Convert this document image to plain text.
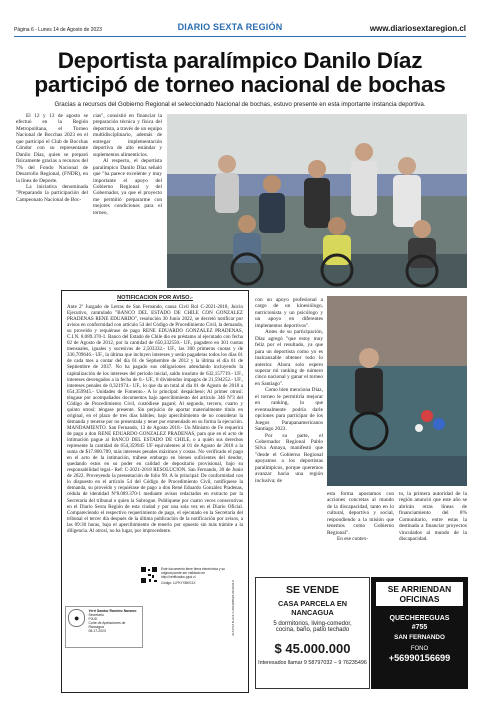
Página 6 - Lunes 14 de Agosto de 2023	DIARIO SEXTA REGIÓN	www.diariosextaregion.cl
Deportista paralímpico Danilo Díaz
participó de torneo nacional de bochas
Gracias a recursos del Gobierno Regional el seleccionado Nacional de bochas, estuvo presente en esta importante instancia deportiva.

El 12 y 13 de agosto se efectuó en la Región Metropolitana, el Torneo Nacional de Bocchas 2023 en el que participó el Club de Bocchas Cóndor con su representante Danilo Díaz, quien se preparó fisicamente gracias a recursos del 7% del Fondo Nacional de Desarrollo Regional, (FNDR), en la línea de Deporte.

La iniciativa denominada "Preparando la participación del Campeonato Nacional de Boc-

cias", consistió en financiar la preparación técnica y física del deportista, a través de un equipo multidisciplinario, además de entregar implementación deportiva de alto estándar y suplementos alimenticios.

Al respecto, el deportista paralímpico Danilo Díaz señaló que "ha parece excelente y muy importante el apoyo del Gobierno Regional y del Gobernador, ya que el proyecto me permitió prepararme con mejores condiciones para el torneo,

NOTIFICACION POR AVISO.-
Ante 2º Juzgado de Letras de San Fernando, causa Civil Rol C-2021-2018, Juicio Ejecutivo, caratulado "BANCO DEL ESTADO DE CHILE CON GONZALEZ PRADENAS RENE EDUARDO", resolución 30 Junio 2022, se decretó notificar por avisos en conformidad con artículo 54 del Código de Procedimiento Civil, la demanda, su proveído y requiérase de pago RENE EDUARDO GONZALEZ PRADENAS, C.I.N. 8.089.370-1. Banco del Estado de Chile dio en préstamo al ejecutado con fecha 02 de Agosto de 2012, por la cantidad de 650,332550.- UF., pagadero en 301 cuotas mensuales, iguales y sucesivas de 2,503332.- UF., las 300 primeras cuotas y de 336,709646.- UF., la última que incluyen intereses y serán pagaderas todos los días 01 de cada mes a contar del día 01 de Septiembre de 2012 y la última el día 01 de Septiembre de 2037. No ha pagado sus obligaciones adeudando incluyendo la capitalización de los intereses del periodo inicial, saldo insoluto de 632,157719.- UF., intereses devengados a la fecha de 0.- UF., 8 dividendos impagos de 21,594252.- UF., intereses penales de 0,321974.- UF., lo que da un total al día 01 de Agosto de 2018 a 654,359945.- Unidades de Fomento.- A lo principal: despáchese; Al primer otrosí: téngase por acompañados documentos bajo apercibimiento del artículo 346 Nº3 del Código de Procedimiento Civil, custódiese pagaré; Al segundo, tercero, cuarto y quinto otrosí: téngase presente. Sin perjuicio de aportar materialmente título en original, en el plazo de tres días hábiles, bajo apercibimiento de no considerar la demanda y tenerse por no presentada y tener por enmendado en su forma la ejecución. MANDAMIENTO. San Fernando, 13 de Agosto 2018.- Un Ministro de Fe requerirá de pago a don RENE EDUARDO GONZALEZ PRADENAS, para que en el acto de intimación pague al BANCO DEL ESTADO DE CHILE, o a quién sus derechos represente la cantidad de 654,359945 UF equivalentes al 01 de Agosto de 2018 a la suma de $17.800.789, más intereses penales máximos y costas. No verificado el pago en el acto de la intimación, trábese embargo en bienes suficientes del deudor, quedando estos en su poder en calidad de depositario provisional, bajo su responsabilidad legal.- Ref: C-2021-2018 RESOLUCION. San Fernando, 30 de Junio de 2022. Proveyendo la presentación de folio 99. A lo principal: De conformidad con lo dispuesto en el artículo 54 del Código de Procedimiento Civil, notifíquese la demanda, su proveído y requiérase de pago a don René Eduardo González Pradenas, cédula de identidad Nº8.089.370-1 mediante avisos redactados en extracto por la Secretaría del tribunal o quien la Subrogue. Publíquese por cuatro veces consecutivas en el Diario Sexta Región de esta ciudad y por una sola vez en el Diario Oficial. Compareciendo el respectivo requerimiento de pago, el ejecutado en la Secretaría del tribunal el tercer día después de la última publicación de la notificación por avisos, a las 09:30 horas, bajo el apercibimiento de tenerlo por opuesto sin más trámite a la diligencia. Al otrosí, no ha lugar, por improcedente.
●
Yerri Sandor Ramirez Navarro
Secretario
PJUD
Corte de Apelaciones de Rancagua
08-17-2023
Este documento tiene firma electrónica y su original puede ser validado en http://verificadoc.pjud.cl
Código: LLPKYXBKG1X	A172734 B-LC4-Y-2023W0025-00-0036-0

con un apoyo profesional a cargo de un kinesiólogo, nutricionista y un psicólogo y un apoyo en diferentes implementos deportivos".

Antes de su participación, Díaz agregó "que estoy muy feliz por el resultado, ya que para un deportista como yo es inalcanzable obtener todo lo anterior. Ahora solo espero superar mi ranking de número cinco nacional y ganar el torneo en Santiago".

Como bien menciona Díaz, el torneo le permitiría mejorar en ranking, lo que eventualmente podría darle opciones para participar de los Juegos Parapanamericanos Santiago 2023.

Por su parte, el Gobernador Regional Pablo Silva Amaya, manifestó que "desde el Gobierno Regional apoyamos a los deportistas paralímpicos, porque queremos avanzar hacia una región inclusiva; de

esta forma apostamos con acciones concretas al mundo de la discapacidad, tanto en lo cultural, deportivo y social, respondiendo a la misión que tenemos como Gobierno Regional".

En ese contex-

to, la primera autoridad de la región anunció que este año se abrirán otras líneas de financiamiento del 8% Comunitario, entre estas la destinada a financiar proyectos vinculados al mundo de la discapacidad.

SE VENDE
CASA PARCELA EN NANCAGUA
5 dormitorios, living-comedor,
cocina, baño, patio techado
$ 45.000.000
Interesados llamar 9 58797032 – 9 76235496
SE ARRIENDAN OFICINAS
QUECHEREGUAS #755
SAN FERNANDO
FONO
+56990156699
